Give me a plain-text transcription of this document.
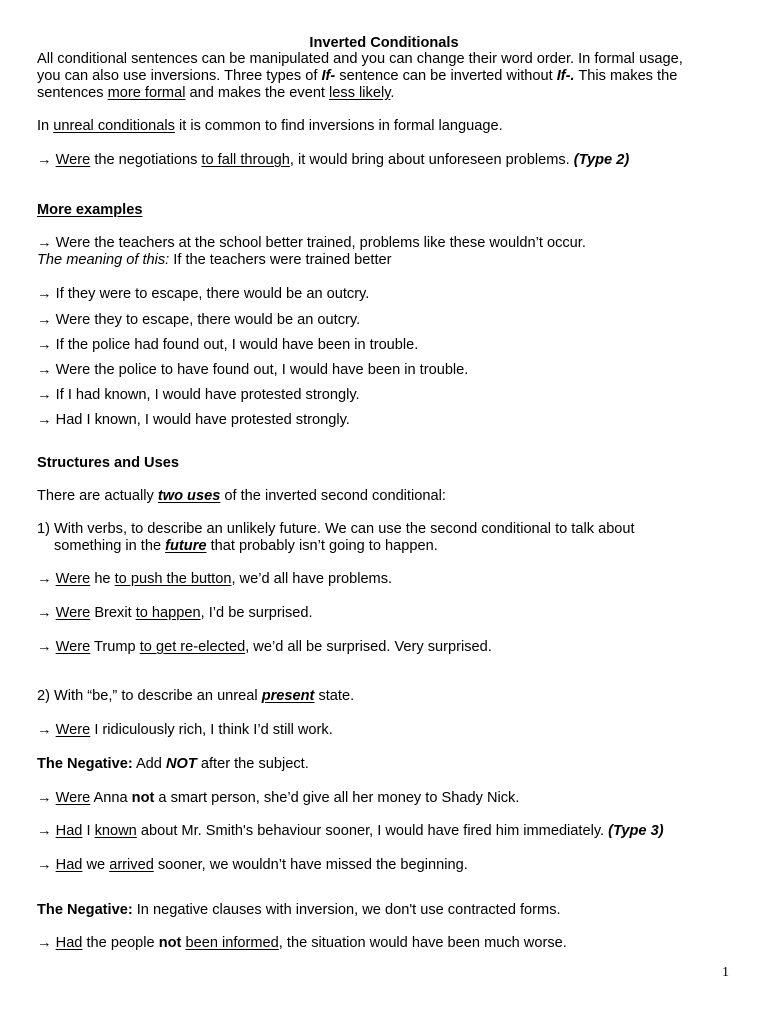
Inverted Conditionals
All conditional sentences can be manipulated and you can change their word order. In formal usage,
you can also use inversions. Three types of If- sentence can be inverted without If-. This makes the
sentences more formal and makes the event less likely.
In unreal conditionals it is common to find inversions in formal language.
→ Were the negotiations to fall through, it would bring about unforeseen problems. (Type 2)
More examples
→ Were the teachers at the school better trained, problems like these wouldn’t occur.
The meaning of this: If the teachers were trained better
→ If they were to escape, there would be an outcry.
→ Were they to escape, there would be an outcry.
→ If the police had found out, I would have been in trouble.
→ Were the police to have found out, I would have been in trouble.
→ If I had known, I would have protested strongly.
→ Had I known, I would have protested strongly.
Structures and Uses
There are actually two uses of the inverted second conditional:
1) With verbs, to describe an unlikely future. We can use the second conditional to talk about
something in the future that probably isn’t going to happen.
→ Were he to push the button, we’d all have problems.
→ Were Brexit to happen, I’d be surprised.
→ Were Trump to get re-elected, we’d all be surprised. Very surprised.
2) With “be,” to describe an unreal present state.
→ Were I ridiculously rich, I think I’d still work.
The Negative: Add NOT after the subject.
→ Were Anna not a smart person, she’d give all her money to Shady Nick.
→ Had I known about Mr. Smith's behaviour sooner, I would have fired him immediately. (Type 3)
→ Had we arrived sooner, we wouldn’t have missed the beginning.
The Negative: In negative clauses with inversion, we don't use contracted forms.
→ Had the people not been informed, the situation would have been much worse.
1
